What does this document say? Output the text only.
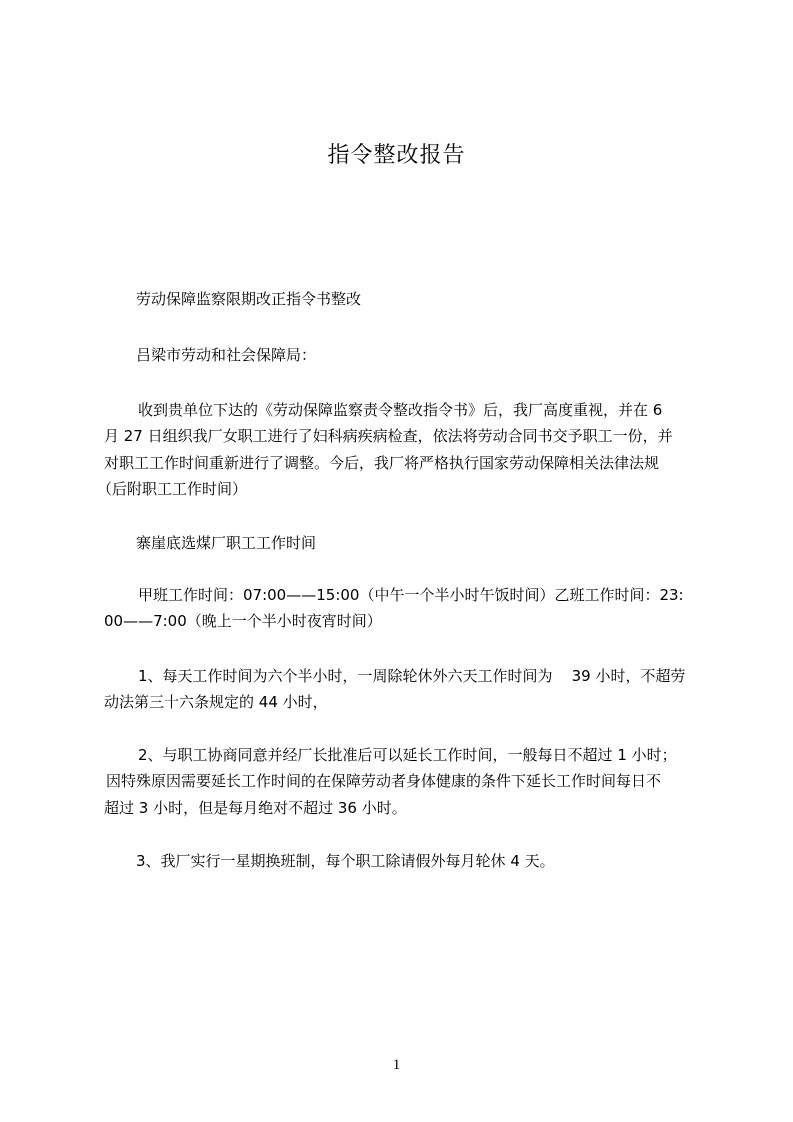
指令整改报告
劳动保障监察限期改正指令书整改
吕梁市劳动和社会保障局：
收到贵单位下达的《劳动保障监察责令整改指令书》后，我厂高度重视，并在 6
月 27 日组织我厂女职工进行了妇科病疾病检查，依法将劳动合同书交予职工一份，并
对职工工作时间重新进行了调整。今后，我厂将严格执行国家劳动保障相关法律法规
（后附职工工作时间）
寨崖底选煤厂职工工作时间
甲班工作时间：07:00——15:00（中午一个半小时午饭时间）乙班工作时间：23:
00——7:00（晚上一个半小时夜宵时间）
1、每天工作时间为六个半小时，一周除轮休外六天工作时间为    39 小时，不超劳
动法第三十六条规定的 44 小时，
2、与职工协商同意并经厂长批准后可以延长工作时间，一般每日不超过 1 小时；
因特殊原因需要延长工作时间的在保障劳动者身体健康的条件下延长工作时间每日不
超过 3 小时，但是每月绝对不超过 36 小时。
3、我厂实行一星期换班制，每个职工除请假外每月轮休 4 天。
1
